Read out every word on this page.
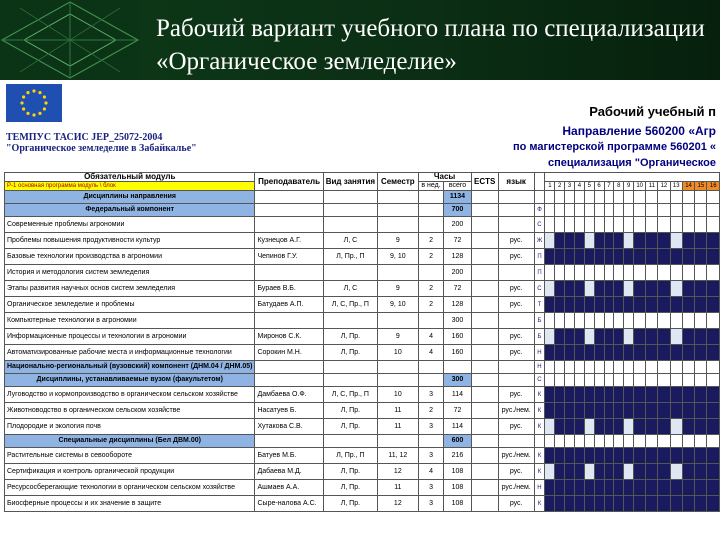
Рабочий вариант учебного плана по специализации «Органическое земледелие»
ТЕМПУС ТАСИС JEP_25072-2004
"Органическое земледелие в Забайкалье"
Рабочий учебный п
Направление 560200 «Агр
по магистерской программе 560201 «
специализация "Органическое
Обязательный модуль	Преподаватель	Вид занятия	Семестр	Часы		ECTS	язык																	
Р-1 основная программа модуль \ блок				в нед.	всего				1	2	3	4	5	6	7	8	9	10	11	12	13	14	15	16
Дисциплины направления					1134																			
Федеральный компонент					700			Ф																
Современные проблемы агрономии					200			С																
Проблемы повышения продуктивности культур	Кузнецов А.Г.	Л, С	9	2	72		рус.	Ж																
Базовые технологии производства в агрономии	Чепинов Г.У.	Л, Пр., П	9, 10	2	128		рус.	П																
История и методология систем земледелия					200			П																
Этапы развития научных основ систем земледелия	Бураев В.Б.	Л, С	9	2	72		рус.	С																
Органическое земледелие и проблемы	Батудаев А.П.	Л, С, Пр., П	9, 10	2	128		рус.	Т																
Компьютерные технологии в агрономии					300			Б																
Информационные процессы и технологии в агрономии	Миронов С.К.	Л, Пр.	9	4	160		рус.	Б																
Автоматизированные рабочие места и информационные технологии	Сорокин М.Н.	Л, Пр.	10	4	160		рус.	Н																
Национально-региональный (вузовский) компонент (ДНМ.04 / ДНМ.05)								Н																
Дисциплины, устанавливаемые вузом (факультетом)					300			С																
Луговодство и кормопроизводство в органическом сельском хозяйстве	Дамбаева О.Ф.	Л, С, Пр., П	10	3	114		рус.	К																
Животноводство в органическом сельском хозяйстве	Насатуев Б.	Л, Пр.	11	2	72		рус./нем.	К																
Плодородие и экология почв	Хутакова С.В.	Л, Пр.	11	3	114		рус.	К																
Специальные дисциплины (Бел ДВМ.00)					600																			
Растительные системы в севообороте	Батуев М.Б.	Л, Пр., П	11, 12	3	216		рус./нем.	К																
Сертификация и контроль органической продукции	Дабаева М.Д.	Л, Пр.	12	4	108		рус.	К																
Ресурсосберегающие технологии в органическом сельском хозяйстве	Ашмаев А.А.	Л, Пр.	11	3	108		рус./нем.	Н																
Биосферные процессы и их значение в защите	Сыре-налова А.С.	Л, Пр.	12	3	108		рус.	К																
